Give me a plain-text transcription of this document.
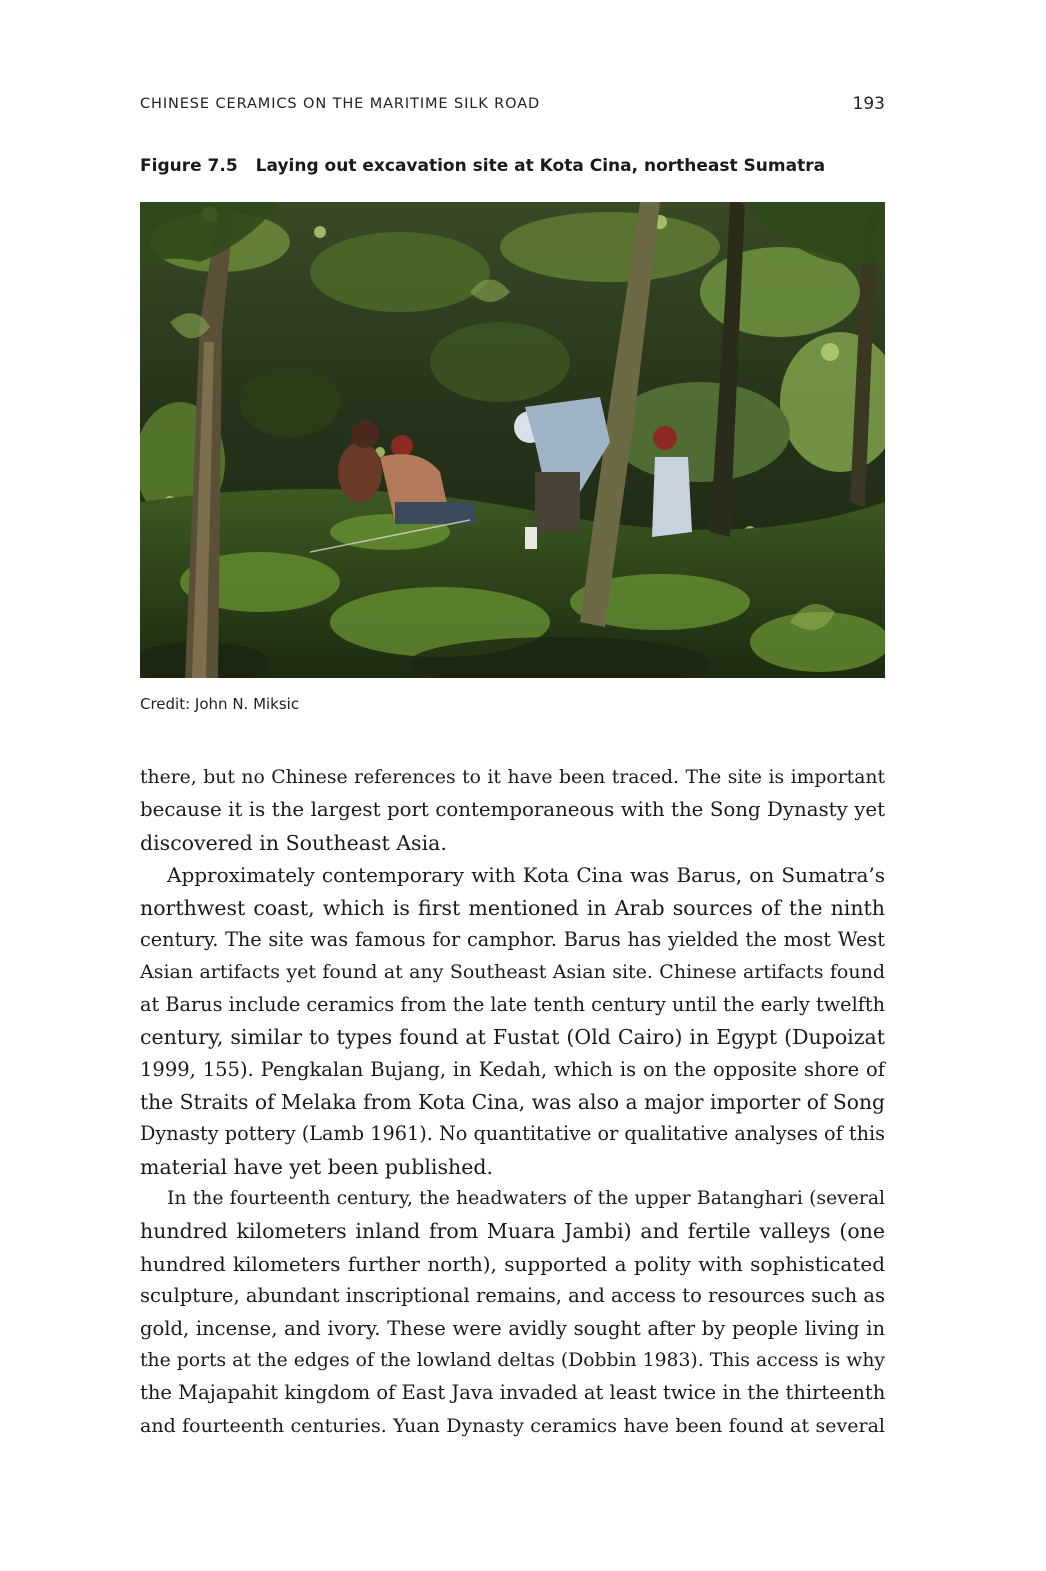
CHINESE CERAMICS ON THE MARITIME SILK ROAD	193
Figure 7.5 Laying out excavation site at Kota Cina, northeast Sumatra
Credit: John N. Miksic
there, but no Chinese references to it have been traced. The site is important
because it is the largest port contemporaneous with the Song Dynasty yet
discovered in Southeast Asia.
Approximately contemporary with Kota Cina was Barus, on Sumatra’s
northwest coast, which is first mentioned in Arab sources of the ninth
century. The site was famous for camphor. Barus has yielded the most West
Asian artifacts yet found at any Southeast Asian site. Chinese artifacts found
at Barus include ceramics from the late tenth century until the early twelfth
century, similar to types found at Fustat (Old Cairo) in Egypt (Dupoizat
1999, 155). Pengkalan Bujang, in Kedah, which is on the opposite shore of
the Straits of Melaka from Kota Cina, was also a major importer of Song
Dynasty pottery (Lamb 1961). No quantitative or qualitative analyses of this
material have yet been published.
In the fourteenth century, the headwaters of the upper Batanghari (several
hundred kilometers inland from Muara Jambi) and fertile valleys (one
hundred kilometers further north), supported a polity with sophisticated
sculpture, abundant inscriptional remains, and access to resources such as
gold, incense, and ivory. These were avidly sought after by people living in
the ports at the edges of the lowland deltas (Dobbin 1983). This access is why
the Majapahit kingdom of East Java invaded at least twice in the thirteenth
and fourteenth centuries. Yuan Dynasty ceramics have been found at several
